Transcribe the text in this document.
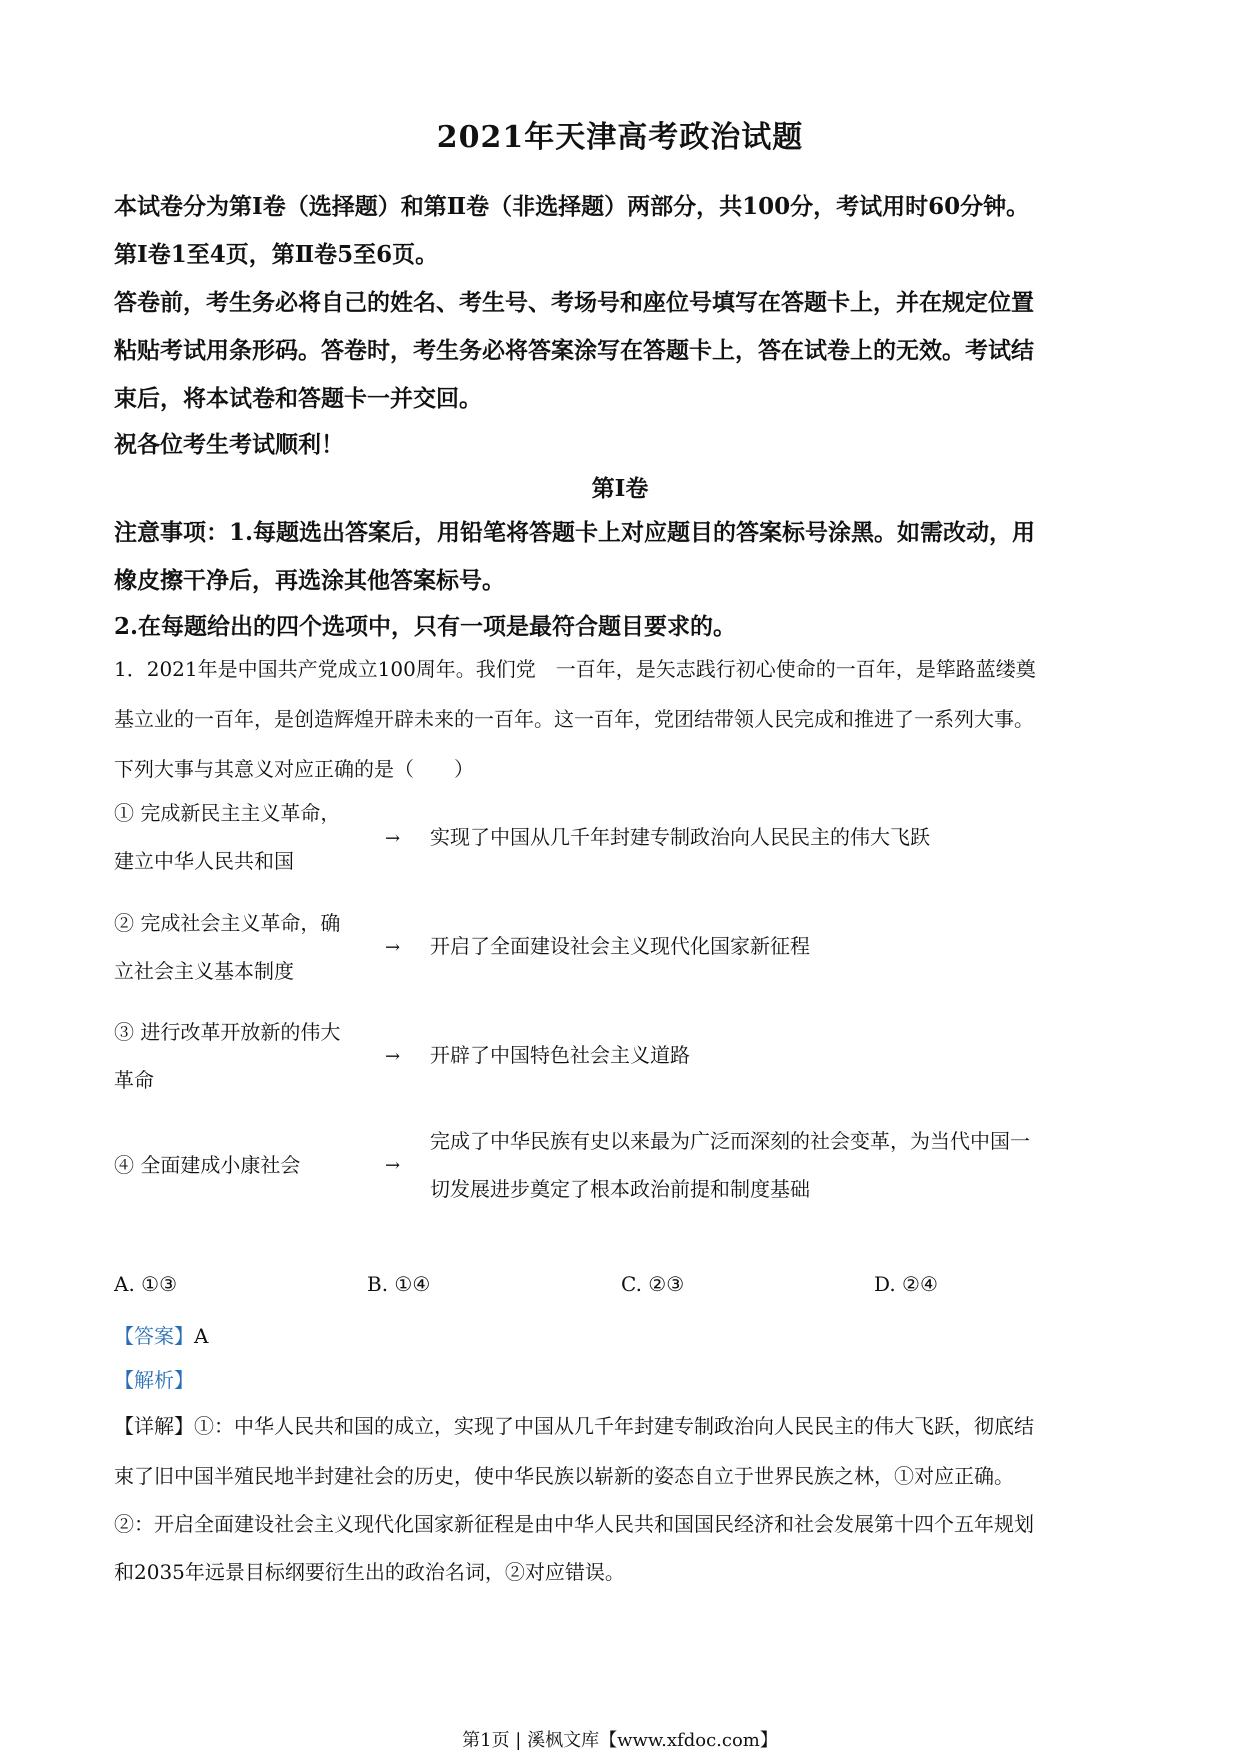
2021年天津高考政治试题
本试卷分为第Ⅰ卷（选择题）和第Ⅱ卷（非选择题）两部分，共100分，考试用时60分钟。
第Ⅰ卷1至4页，第Ⅱ卷5至6页。
答卷前，考生务必将自己的姓名、考生号、考场号和座位号填写在答题卡上，并在规定位置
粘贴考试用条形码。答卷时，考生务必将答案涂写在答题卡上，答在试卷上的无效。考试结
束后，将本试卷和答题卡一并交回。
祝各位考生考试顺利！
第Ⅰ卷
注意事项：1.每题选出答案后，用铅笔将答题卡上对应题目的答案标号涂黑。如需改动，用
橡皮擦干净后，再选涂其他答案标号。
2.在每题给出的四个选项中，只有一项是最符合题目要求的。
1．2021年是中国共产党成立100周年。我们党　一百年，是矢志践行初心使命的一百年，是筚路蓝缕奠
基立业的一百年，是创造辉煌开辟未来的一百年。这一百年，党团结带领人民完成和推进了一系列大事。
下列大事与其意义对应正确的是（　　）
① 完成新民主主义革命，
建立中华人民共和国
→ 实现了中国从几千年封建专制政治向人民民主的伟大飞跃
② 完成社会主义革命，确
立社会主义基本制度
→ 开启了全面建设社会主义现代化国家新征程
③ 进行改革开放新的伟大
革命
→ 开辟了中国特色社会主义道路
④ 全面建成小康社会	→
完成了中华民族有史以来最为广泛而深刻的社会变革，为当代中国一
切发展进步奠定了根本政治前提和制度基础
A. ①③	B. ①④	C. ②③	D. ②④
【答案】A
【解析】
【详解】①：中华人民共和国的成立，实现了中国从几千年封建专制政治向人民民主的伟大飞跃，彻底结
束了旧中国半殖民地半封建社会的历史，使中华民族以崭新的姿态自立于世界民族之林，①对应正确。
②：开启全面建设社会主义现代化国家新征程是由中华人民共和国国民经济和社会发展第十四个五年规划
和2035年远景目标纲要衍生出的政治名词，②对应错误。
第1页 | 溪枫文库【www.xfdoc.com】
